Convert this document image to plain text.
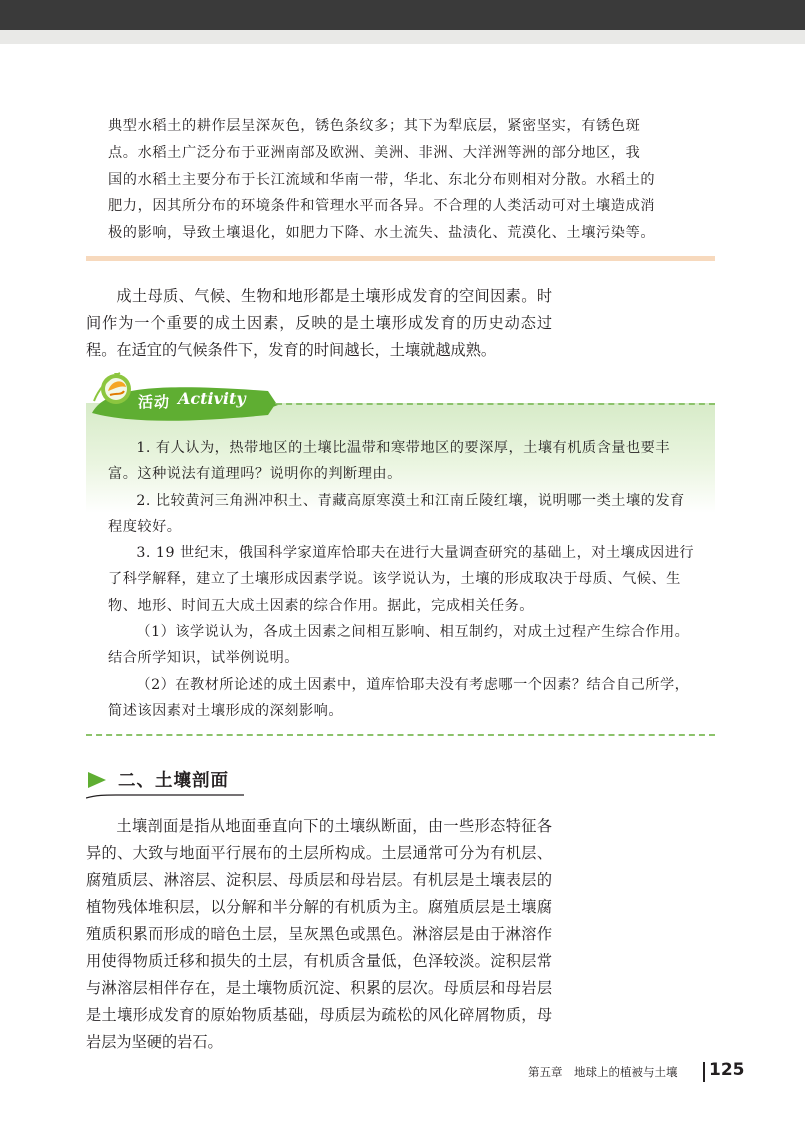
典型水稻土的耕作层呈深灰色，锈色条纹多；其下为犁底层，紧密坚实，有锈色斑

点。水稻土广泛分布于亚洲南部及欧洲、美洲、非洲、大洋洲等洲的部分地区，我

国的水稻土主要分布于长江流域和华南一带，华北、东北分布则相对分散。水稻土的

肥力，因其所分布的环境条件和管理水平而各异。不合理的人类活动可对土壤造成消

极的影响，导致土壤退化，如肥力下降、水土流失、盐渍化、荒漠化、土壤污染等。

成土母质、气候、生物和地形都是土壤形成发育的空间因素。时间作为一个重要的成土因素，反映的是土壤形成发育的历史动态过程。在适宜的气候条件下，发育的时间越长，土壤就越成熟。

活动 Activity

1. 有人认为，热带地区的土壤比温带和寒带地区的要深厚，土壤有机质含量也要丰富。这种说法有道理吗？说明你的判断理由。

2. 比较黄河三角洲冲积土、青藏高原寒漠土和江南丘陵红壤，说明哪一类土壤的发育程度较好。

3. 19 世纪末，俄国科学家道库恰耶夫在进行大量调查研究的基础上，对土壤成因进行了科学解释，建立了土壤形成因素学说。该学说认为，土壤的形成取决于母质、气候、生物、地形、时间五大成土因素的综合作用。据此，完成相关任务。

（1）该学说认为，各成土因素之间相互影响、相互制约，对成土过程产生综合作用。结合所学知识，试举例说明。

（2）在教材所论述的成土因素中，道库恰耶夫没有考虑哪一个因素？结合自己所学，简述该因素对土壤形成的深刻影响。

二、土壤剖面

土壤剖面是指从地面垂直向下的土壤纵断面，由一些形态特征各异的、大致与地面平行展布的土层所构成。土层通常可分为有机层、腐殖质层、淋溶层、淀积层、母质层和母岩层。有机层是土壤表层的植物残体堆积层，以分解和半分解的有机质为主。腐殖质层是土壤腐殖质积累而形成的暗色土层，呈灰黑色或黑色。淋溶层是由于淋溶作用使得物质迁移和损失的土层，有机质含量低，色泽较淡。淀积层常与淋溶层相伴存在，是土壤物质沉淀、积累的层次。母质层和母岩层是土壤形成发育的原始物质基础，母质层为疏松的风化碎屑物质，母岩层为坚硬的岩石。

第五章　地球上的植被与土壤 125
